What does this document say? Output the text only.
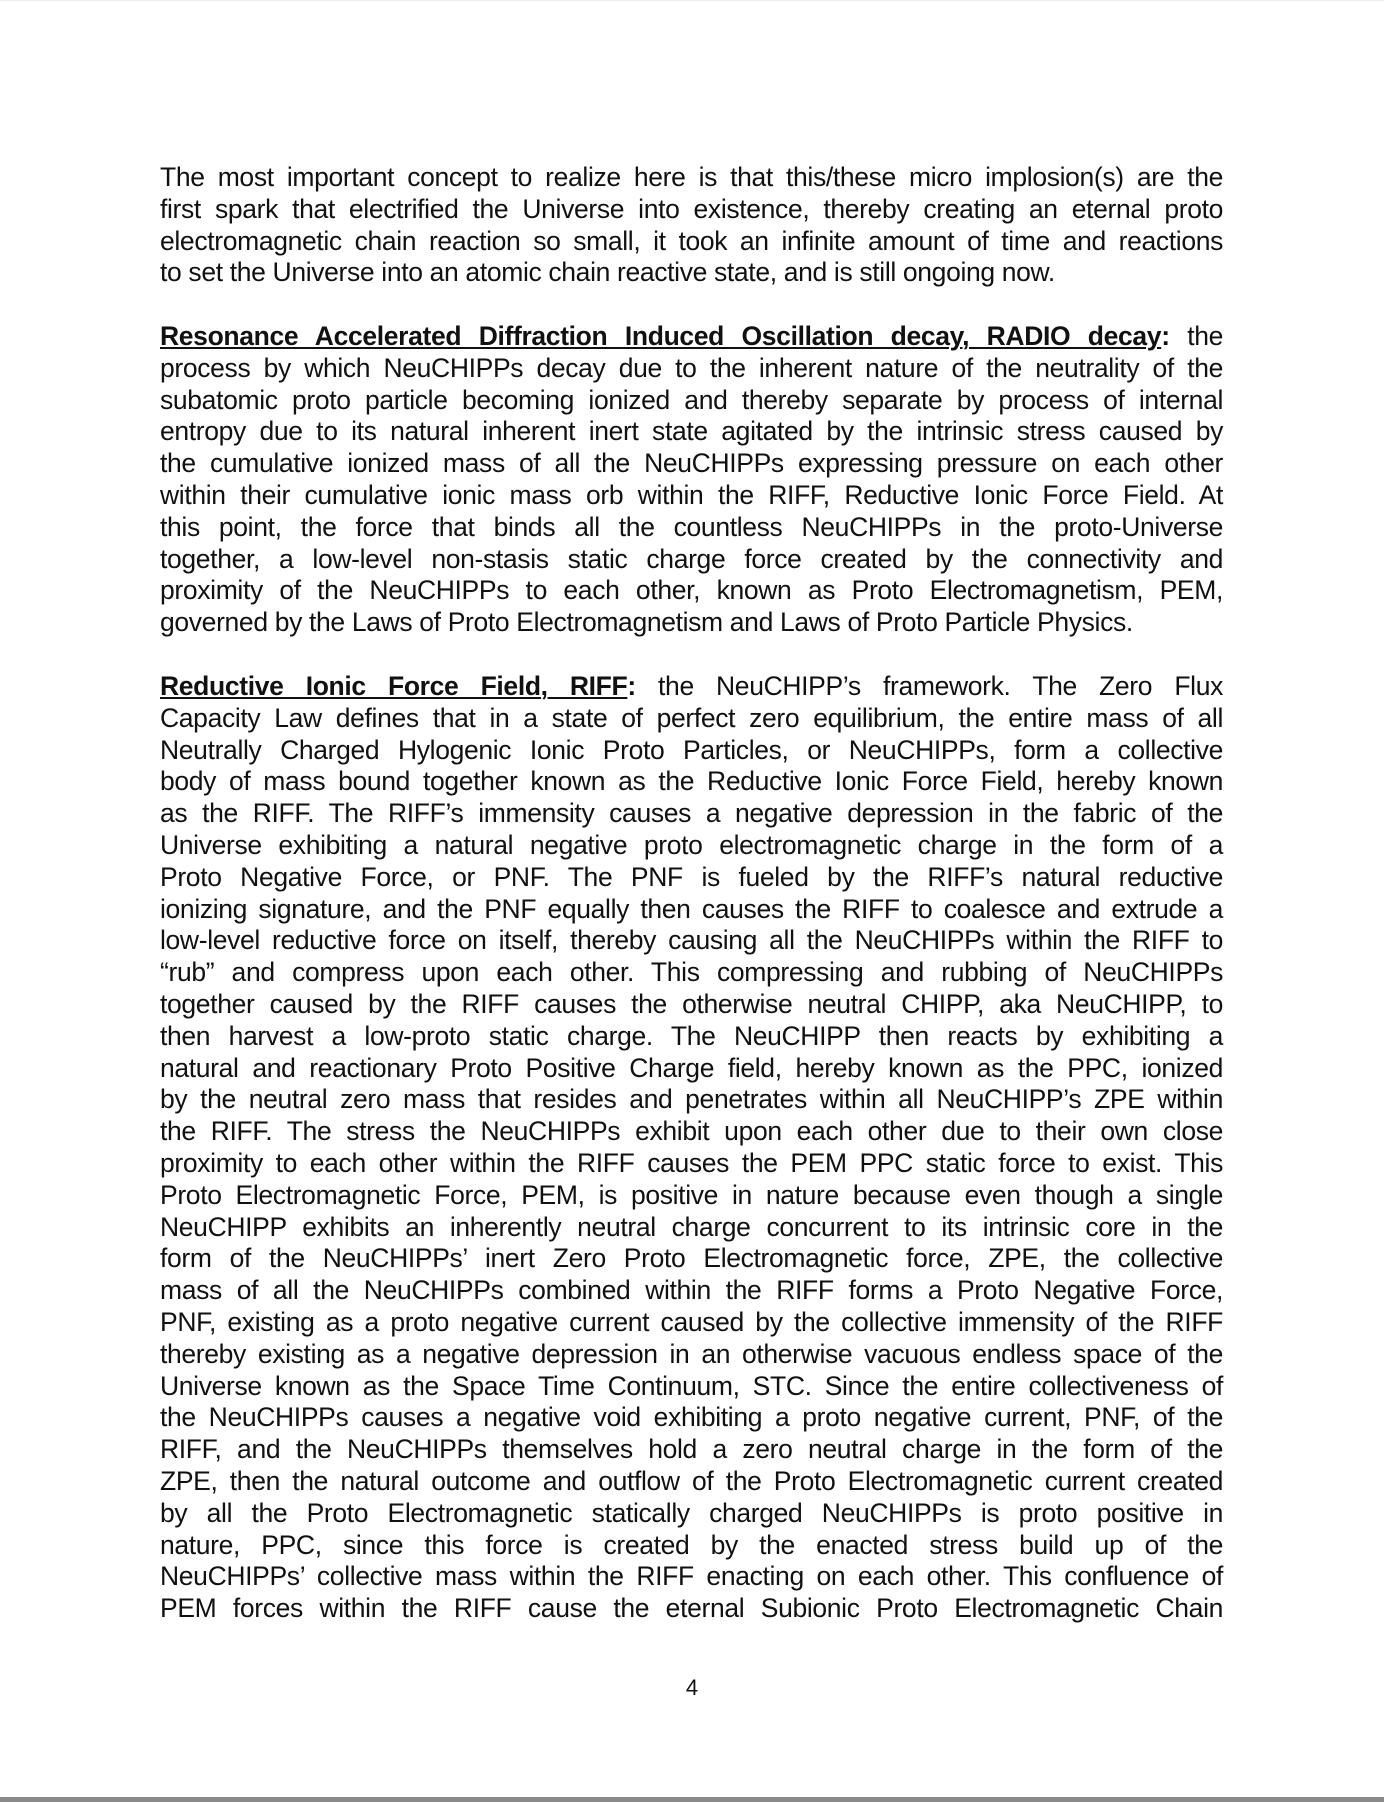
The most important concept to realize here is that this/these micro implosion(s) are the
first spark that electrified the Universe into existence, thereby creating an eternal proto
electromagnetic chain reaction so small, it took an infinite amount of time and reactions
to set the Universe into an atomic chain reactive state, and is still ongoing now.
Resonance Accelerated Diffraction Induced Oscillation decay, RADIO decay: the
process by which NeuCHIPPs decay due to the inherent nature of the neutrality of the
subatomic proto particle becoming ionized and thereby separate by process of internal
entropy due to its natural inherent inert state agitated by the intrinsic stress caused by
the cumulative ionized mass of all the NeuCHIPPs expressing pressure on each other
within their cumulative ionic mass orb within the RIFF, Reductive Ionic Force Field. At
this point, the force that binds all the countless NeuCHIPPs in the proto-Universe
together, a low-level non-stasis static charge force created by the connectivity and
proximity of the NeuCHIPPs to each other, known as Proto Electromagnetism, PEM,
governed by the Laws of Proto Electromagnetism and Laws of Proto Particle Physics.
Reductive Ionic Force Field, RIFF: the NeuCHIPP’s framework. The Zero Flux
Capacity Law defines that in a state of perfect zero equilibrium, the entire mass of all
Neutrally Charged Hylogenic Ionic Proto Particles, or NeuCHIPPs, form a collective
body of mass bound together known as the Reductive Ionic Force Field, hereby known
as the RIFF. The RIFF’s immensity causes a negative depression in the fabric of the
Universe exhibiting a natural negative proto electromagnetic charge in the form of a
Proto Negative Force, or PNF. The PNF is fueled by the RIFF’s natural reductive
ionizing signature, and the PNF equally then causes the RIFF to coalesce and extrude a
low-level reductive force on itself, thereby causing all the NeuCHIPPs within the RIFF to
“rub” and compress upon each other. This compressing and rubbing of NeuCHIPPs
together caused by the RIFF causes the otherwise neutral CHIPP, aka NeuCHIPP, to
then harvest a low-proto static charge. The NeuCHIPP then reacts by exhibiting a
natural and reactionary Proto Positive Charge field, hereby known as the PPC, ionized
by the neutral zero mass that resides and penetrates within all NeuCHIPP’s ZPE within
the RIFF. The stress the NeuCHIPPs exhibit upon each other due to their own close
proximity to each other within the RIFF causes the PEM PPC static force to exist. This
Proto Electromagnetic Force, PEM, is positive in nature because even though a single
NeuCHIPP exhibits an inherently neutral charge concurrent to its intrinsic core in the
form of the NeuCHIPPs’ inert Zero Proto Electromagnetic force, ZPE, the collective
mass of all the NeuCHIPPs combined within the RIFF forms a Proto Negative Force,
PNF, existing as a proto negative current caused by the collective immensity of the RIFF
thereby existing as a negative depression in an otherwise vacuous endless space of the
Universe known as the Space Time Continuum, STC. Since the entire collectiveness of
the NeuCHIPPs causes a negative void exhibiting a proto negative current, PNF, of the
RIFF, and the NeuCHIPPs themselves hold a zero neutral charge in the form of the
ZPE, then the natural outcome and outflow of the Proto Electromagnetic current created
by all the Proto Electromagnetic statically charged NeuCHIPPs is proto positive in
nature, PPC, since this force is created by the enacted stress build up of the
NeuCHIPPs’ collective mass within the RIFF enacting on each other. This confluence of
PEM forces within the RIFF cause the eternal Subionic Proto Electromagnetic Chain
4
